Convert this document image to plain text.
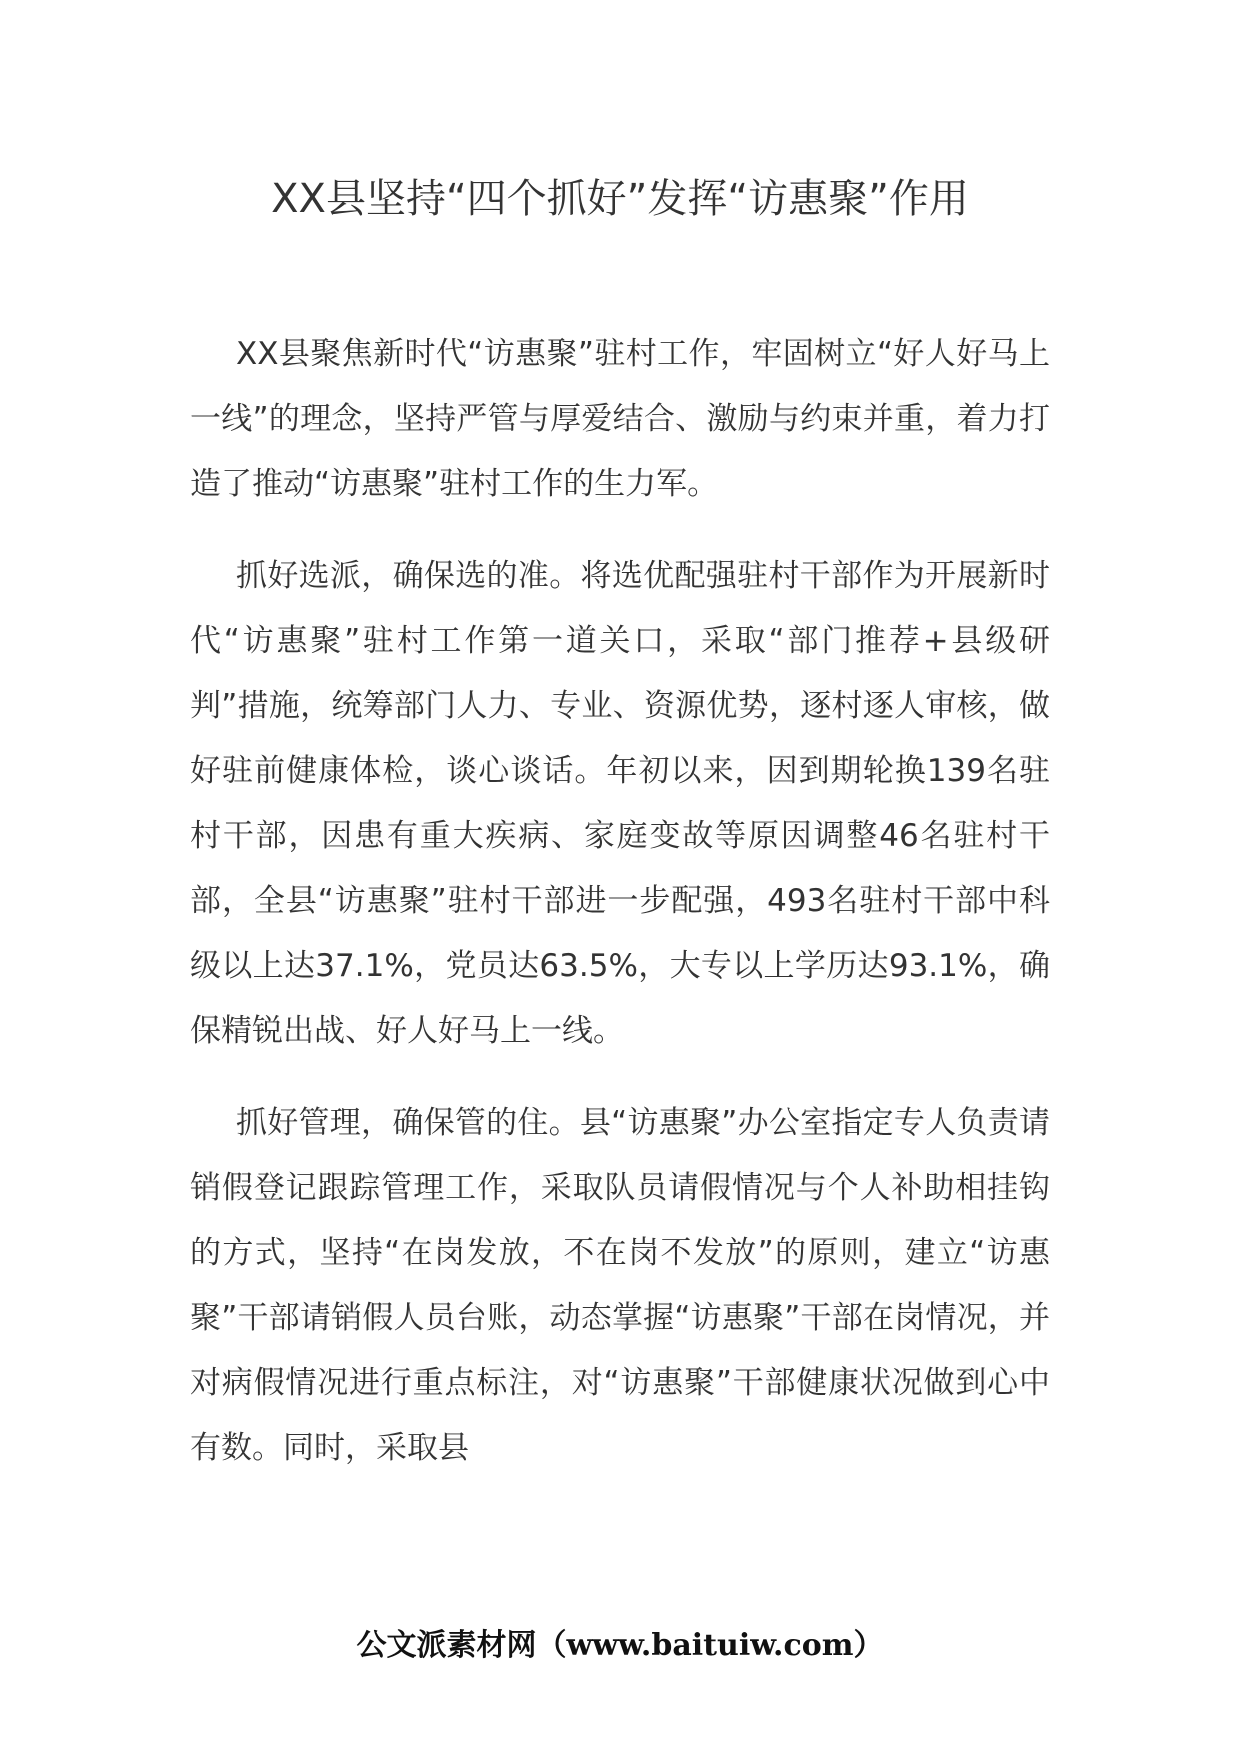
XX县坚持“四个抓好”发挥“访惠聚”作用

XX县聚焦新时代“访惠聚”驻村工作，牢固树立“好人好马上一线”的理念，坚持严管与厚爱结合、激励与约束并重，着力打造了推动“访惠聚”驻村工作的生力军。

抓好选派，确保选的准。将选优配强驻村干部作为开展新时代“访惠聚”驻村工作第一道关口，采取“部门推荐+县级研判”措施，统筹部门人力、专业、资源优势，逐村逐人审核，做好驻前健康体检，谈心谈话。年初以来，因到期轮换139名驻村干部，因患有重大疾病、家庭变故等原因调整46名驻村干部，全县“访惠聚”驻村干部进一步配强，493名驻村干部中科级以上达37.1%，党员达63.5%，大专以上学历达93.1%，确保精锐出战、好人好马上一线。

抓好管理，确保管的住。县“访惠聚”办公室指定专人负责请销假登记跟踪管理工作，采取队员请假情况与个人补助相挂钩的方式，坚持“在岗发放，不在岗不发放”的原则，建立“访惠聚”干部请销假人员台账，动态掌握“访惠聚”干部在岗情况，并对病假情况进行重点标注，对“访惠聚”干部健康状况做到心中有数。同时，采取县

公文派素材网（www.baituiw.com）
